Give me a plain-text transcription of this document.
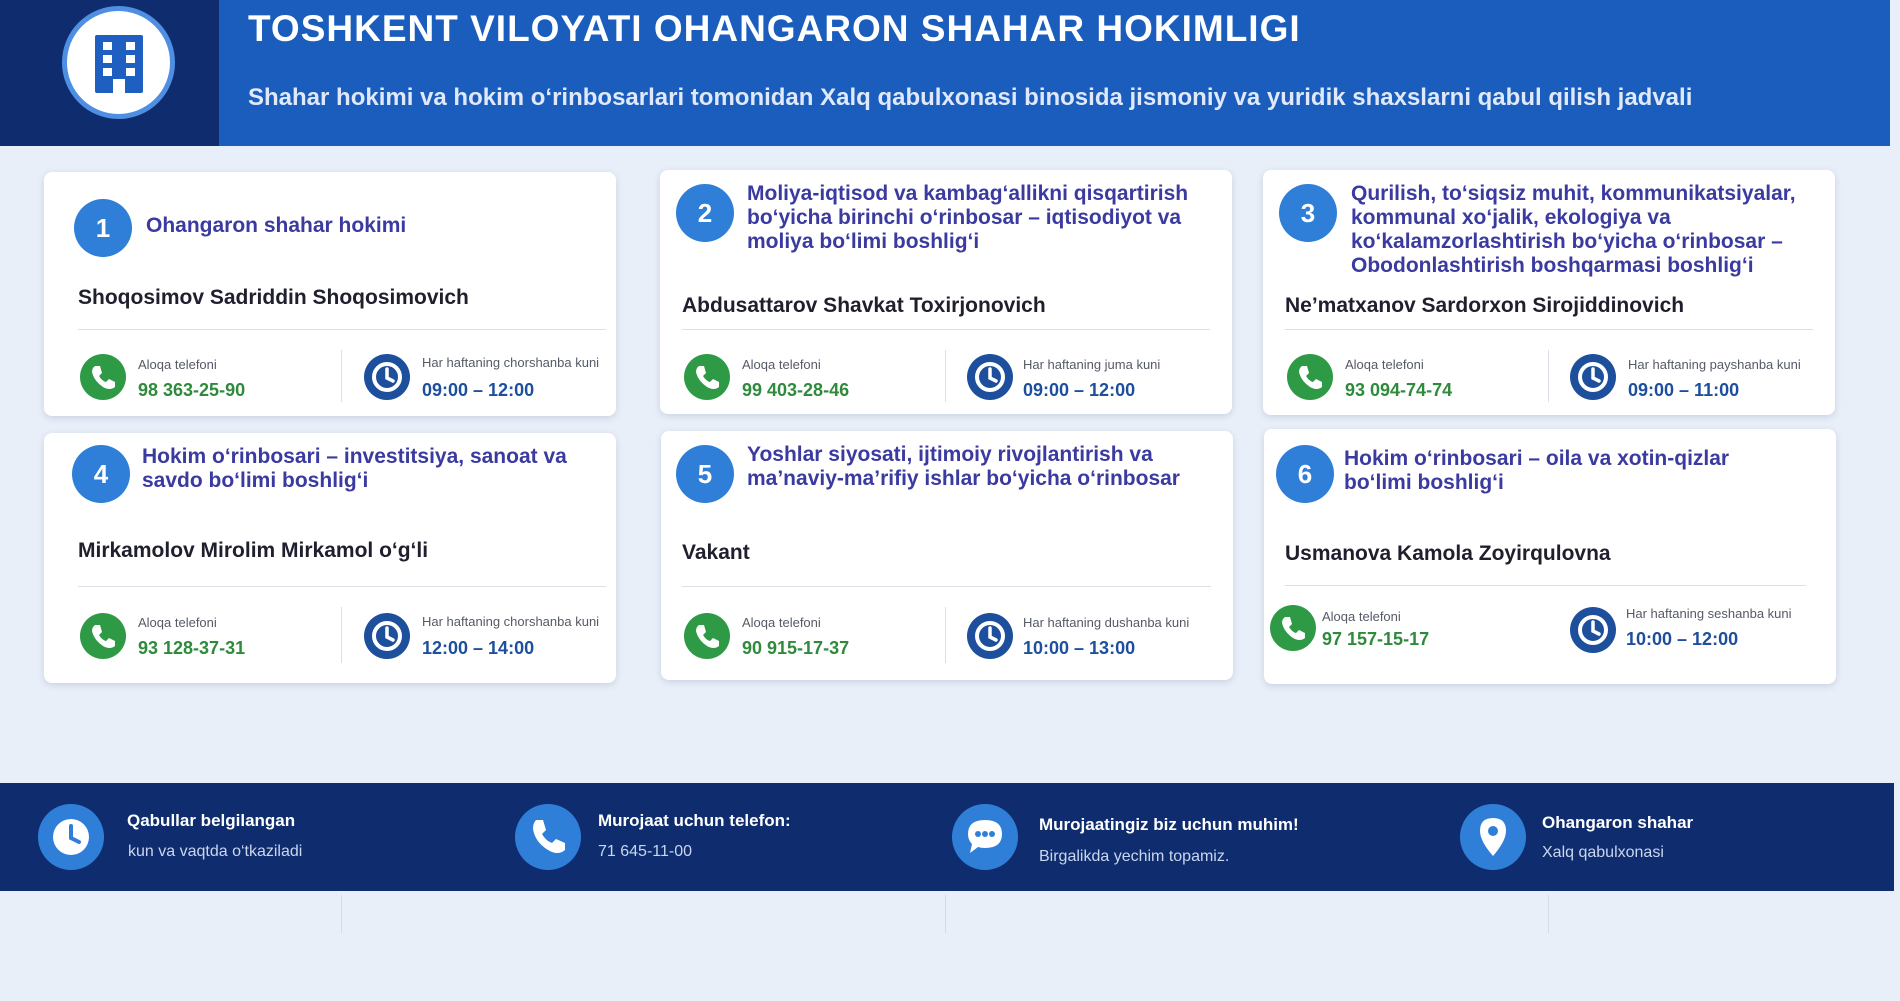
TOSHKENT VILOYATI OHANGARON SHAHAR HOKIMLIGI
Shahar hokimi va hokim o‘rinbosarlari tomonidan Xalq qabulxonasi binosida jismoniy va yuridik shaxslarni qabul qilish jadvali
1	Ohangaron shahar hokimi
Shoqosimov Sadriddin Shoqosimovich
Aloqa telefoni
98 363-25-90
Har haftaning chorshanba kuni
09:00 – 12:00
2
Moliya-iqtisod va kambag‘allikni qisqartirish
bo‘yicha birinchi o‘rinbosar – iqtisodiyot va
moliya bo‘limi boshlig‘i
Abdusattarov Shavkat Toxirjonovich
Aloqa telefoni
99 403-28-46
Har haftaning juma kuni
09:00 – 12:00
3
Qurilish, to‘siqsiz muhit, kommunikatsiyalar,
kommunal xo‘jalik, ekologiya va
ko‘kalamzorlashtirish bo‘yicha o‘rinbosar –
Obodonlashtirish boshqarmasi boshlig‘i
Ne’matxanov Sardorxon Sirojiddinovich
Aloqa telefoni
93 094-74-74
Har haftaning payshanba kuni
09:00 – 11:00
4
Hokim o‘rinbosari – investitsiya, sanoat va
savdo bo‘limi boshlig‘i
Mirkamolov Mirolim Mirkamol o‘g‘li
Aloqa telefoni
93 128-37-31
Har haftaning chorshanba kuni
12:00 – 14:00
5
Yoshlar siyosati, ijtimoiy rivojlantirish va
ma’naviy-ma’rifiy ishlar bo‘yicha o‘rinbosar
Vakant
Aloqa telefoni
90 915-17-37
Har haftaning dushanba kuni
10:00 – 13:00
6
Hokim o‘rinbosari – oila va xotin-qizlar
bo‘limi boshlig‘i
Usmanova Kamola Zoyirqulovna
Aloqa telefoni
97 157-15-17
Har haftaning seshanba kuni
10:00 – 12:00
Qabullar belgilangan
kun va vaqtda o‘tkaziladi
Murojaat uchun telefon:
71 645-11-00
Murojaatingiz biz uchun muhim!
Birgalikda yechim topamiz.
Ohangaron shahar
Xalq qabulxonasi
